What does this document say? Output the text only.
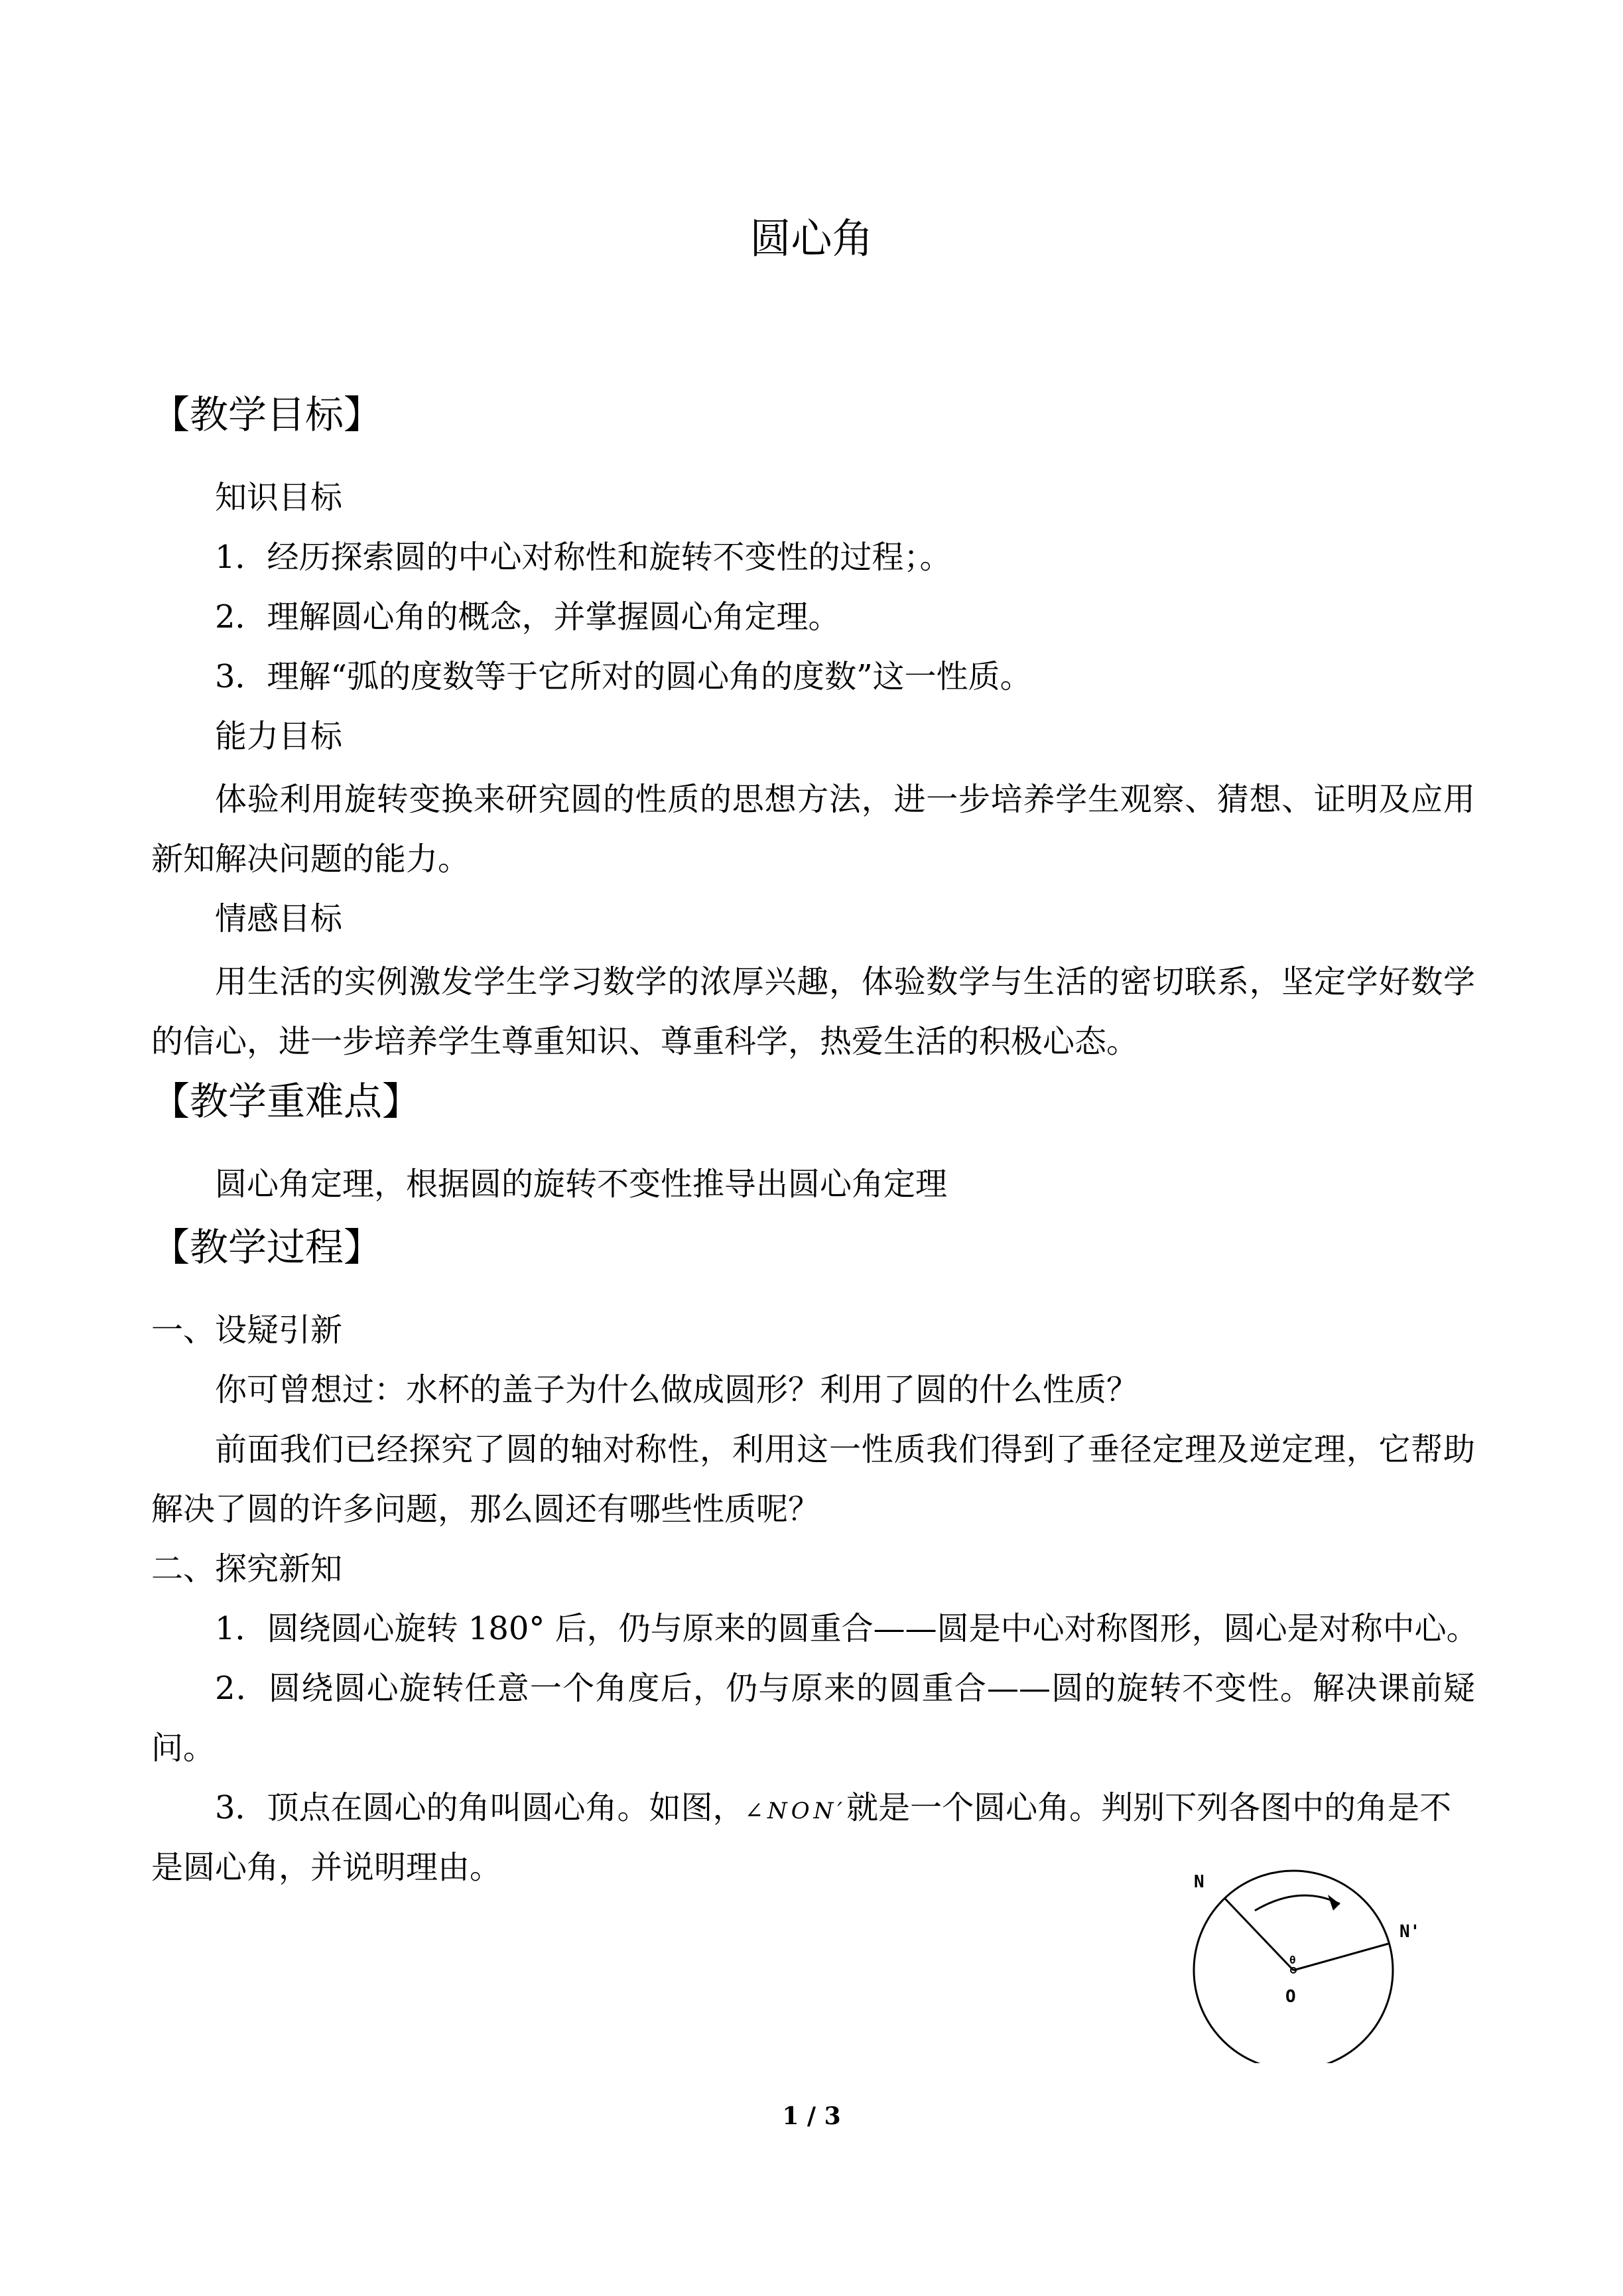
圆心角
【教学目标】
知识目标
1．经历探索圆的中心对称性和旋转不变性的过程；。
2．理解圆心角的概念，并掌握圆心角定理。
3．理解“弧的度数等于它所对的圆心角的度数”这一性质。
能力目标
体验利用旋转变换来研究圆的性质的思想方法，进一步培养学生观察、猜想、证明及应用
新知解决问题的能力。
情感目标
用生活的实例激发学生学习数学的浓厚兴趣，体验数学与生活的密切联系，坚定学好数学
的信心，进一步培养学生尊重知识、尊重科学，热爱生活的积极心态。
【教学重难点】
圆心角定理，根据圆的旋转不变性推导出圆心角定理
【教学过程】
一、设疑引新
你可曾想过：水杯的盖子为什么做成圆形？利用了圆的什么性质？
前面我们已经探究了圆的轴对称性，利用这一性质我们得到了垂径定理及逆定理，它帮助
解决了圆的许多问题，那么圆还有哪些性质呢？
二、探究新知
1．圆绕圆心旋转 180° 后，仍与原来的圆重合——圆是中心对称图形，圆心是对称中心。
2．圆绕圆心旋转任意一个角度后，仍与原来的圆重合——圆的旋转不变性。解决课前疑
问。
3．顶点在圆心的角叫圆心角。如图，∠NON′就是一个圆心角。判别下列各图中的角是不
是圆心角，并说明理由。	N
N'
O
θ
1 / 3
